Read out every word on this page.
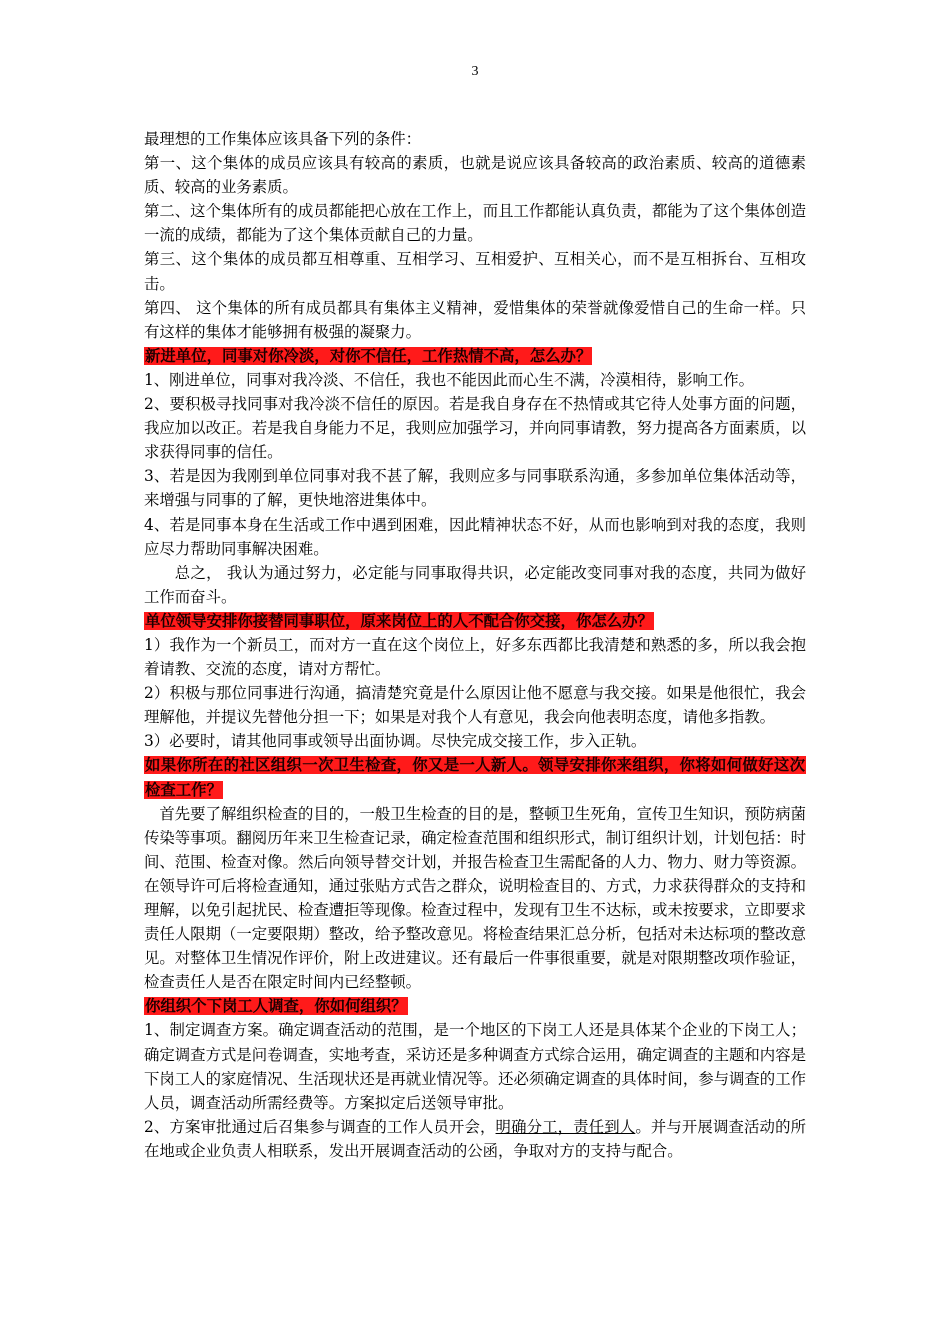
3

最理想的工作集体应该具备下列的条件：

第一、这个集体的成员应该具有较高的素质，也就是说应该具备较高的政治素质、较高的道德素质、较高的业务素质。

第二、这个集体所有的成员都能把心放在工作上，而且工作都能认真负责，都能为了这个集体创造一流的成绩，都能为了这个集体贡献自己的力量。

第三、这个集体的成员都互相尊重、互相学习、互相爱护、互相关心，而不是互相拆台、互相攻击。

第四、 这个集体的所有成员都具有集体主义精神，爱惜集体的荣誉就像爱惜自己的生命一样。只有这样的集体才能够拥有极强的凝聚力。

新进单位，同事对你冷淡，对你不信任，工作热情不高，怎么办？

1、刚进单位，同事对我冷淡、不信任，我也不能因此而心生不满，冷漠相待，影响工作。

2、要积极寻找同事对我冷淡不信任的原因。若是我自身存在不热情或其它待人处事方面的问题，我应加以改正。若是我自身能力不足，我则应加强学习，并向同事请教，努力提高各方面素质，以求获得同事的信任。

3、若是因为我刚到单位同事对我不甚了解，我则应多与同事联系沟通，多参加单位集体活动等，来增强与同事的了解，更快地溶进集体中。

4、若是同事本身在生活或工作中遇到困难，因此精神状态不好，从而也影响到对我的态度，我则应尽力帮助同事解决困难。

总之， 我认为通过努力，必定能与同事取得共识，必定能改变同事对我的态度，共同为做好工作而奋斗。

单位领导安排你接替同事职位，原来岗位上的人不配合你交接，你怎么办？

1）我作为一个新员工，而对方一直在这个岗位上，好多东西都比我清楚和熟悉的多，所以我会抱着请教、交流的态度，请对方帮忙。

2）积极与那位同事进行沟通，搞清楚究竟是什么原因让他不愿意与我交接。如果是他很忙，我会理解他，并提议先替他分担一下；如果是对我个人有意见，我会向他表明态度，请他多指教。

3）必要时，请其他同事或领导出面协调。尽快完成交接工作，步入正轨。

如果你所在的社区组织一次卫生检查，你又是一人新人。领导安排你来组织，你将如何做好这次检查工作？

首先要了解组织检查的目的，一般卫生检查的目的是，整顿卫生死角，宣传卫生知识，预防病菌传染等事项。翻阅历年来卫生检查记录，确定检查范围和组织形式，制订组织计划，计划包括：时间、范围、检查对像。然后向领导替交计划，并报告检查卫生需配备的人力、物力、财力等资源。在领导许可后将检查通知，通过张贴方式告之群众，说明检查目的、方式，力求获得群众的支持和理解，以免引起扰民、检查遭拒等现像。检查过程中，发现有卫生不达标，或未按要求，立即要求责任人限期（一定要限期）整改，给予整改意见。将检查结果汇总分析，包括对未达标项的整改意见。对整体卫生情况作评价，附上改进建议。还有最后一件事很重要，就是对限期整改项作验证，检查责任人是否在限定时间内已经整顿。

你组织个下岗工人调查，你如何组织？

1、制定调查方案。确定调查活动的范围，是一个地区的下岗工人还是具体某个企业的下岗工人；确定调查方式是问卷调查，实地考查，采访还是多种调查方式综合运用，确定调查的主题和内容是下岗工人的家庭情况、生活现状还是再就业情况等。还必须确定调查的具体时间，参与调查的工作人员，调查活动所需经费等。方案拟定后送领导审批。

2、方案审批通过后召集参与调查的工作人员开会，明确分工，责任到人。并与开展调查活动的所在地或企业负责人相联系，发出开展调查活动的公函，争取对方的支持与配合。
